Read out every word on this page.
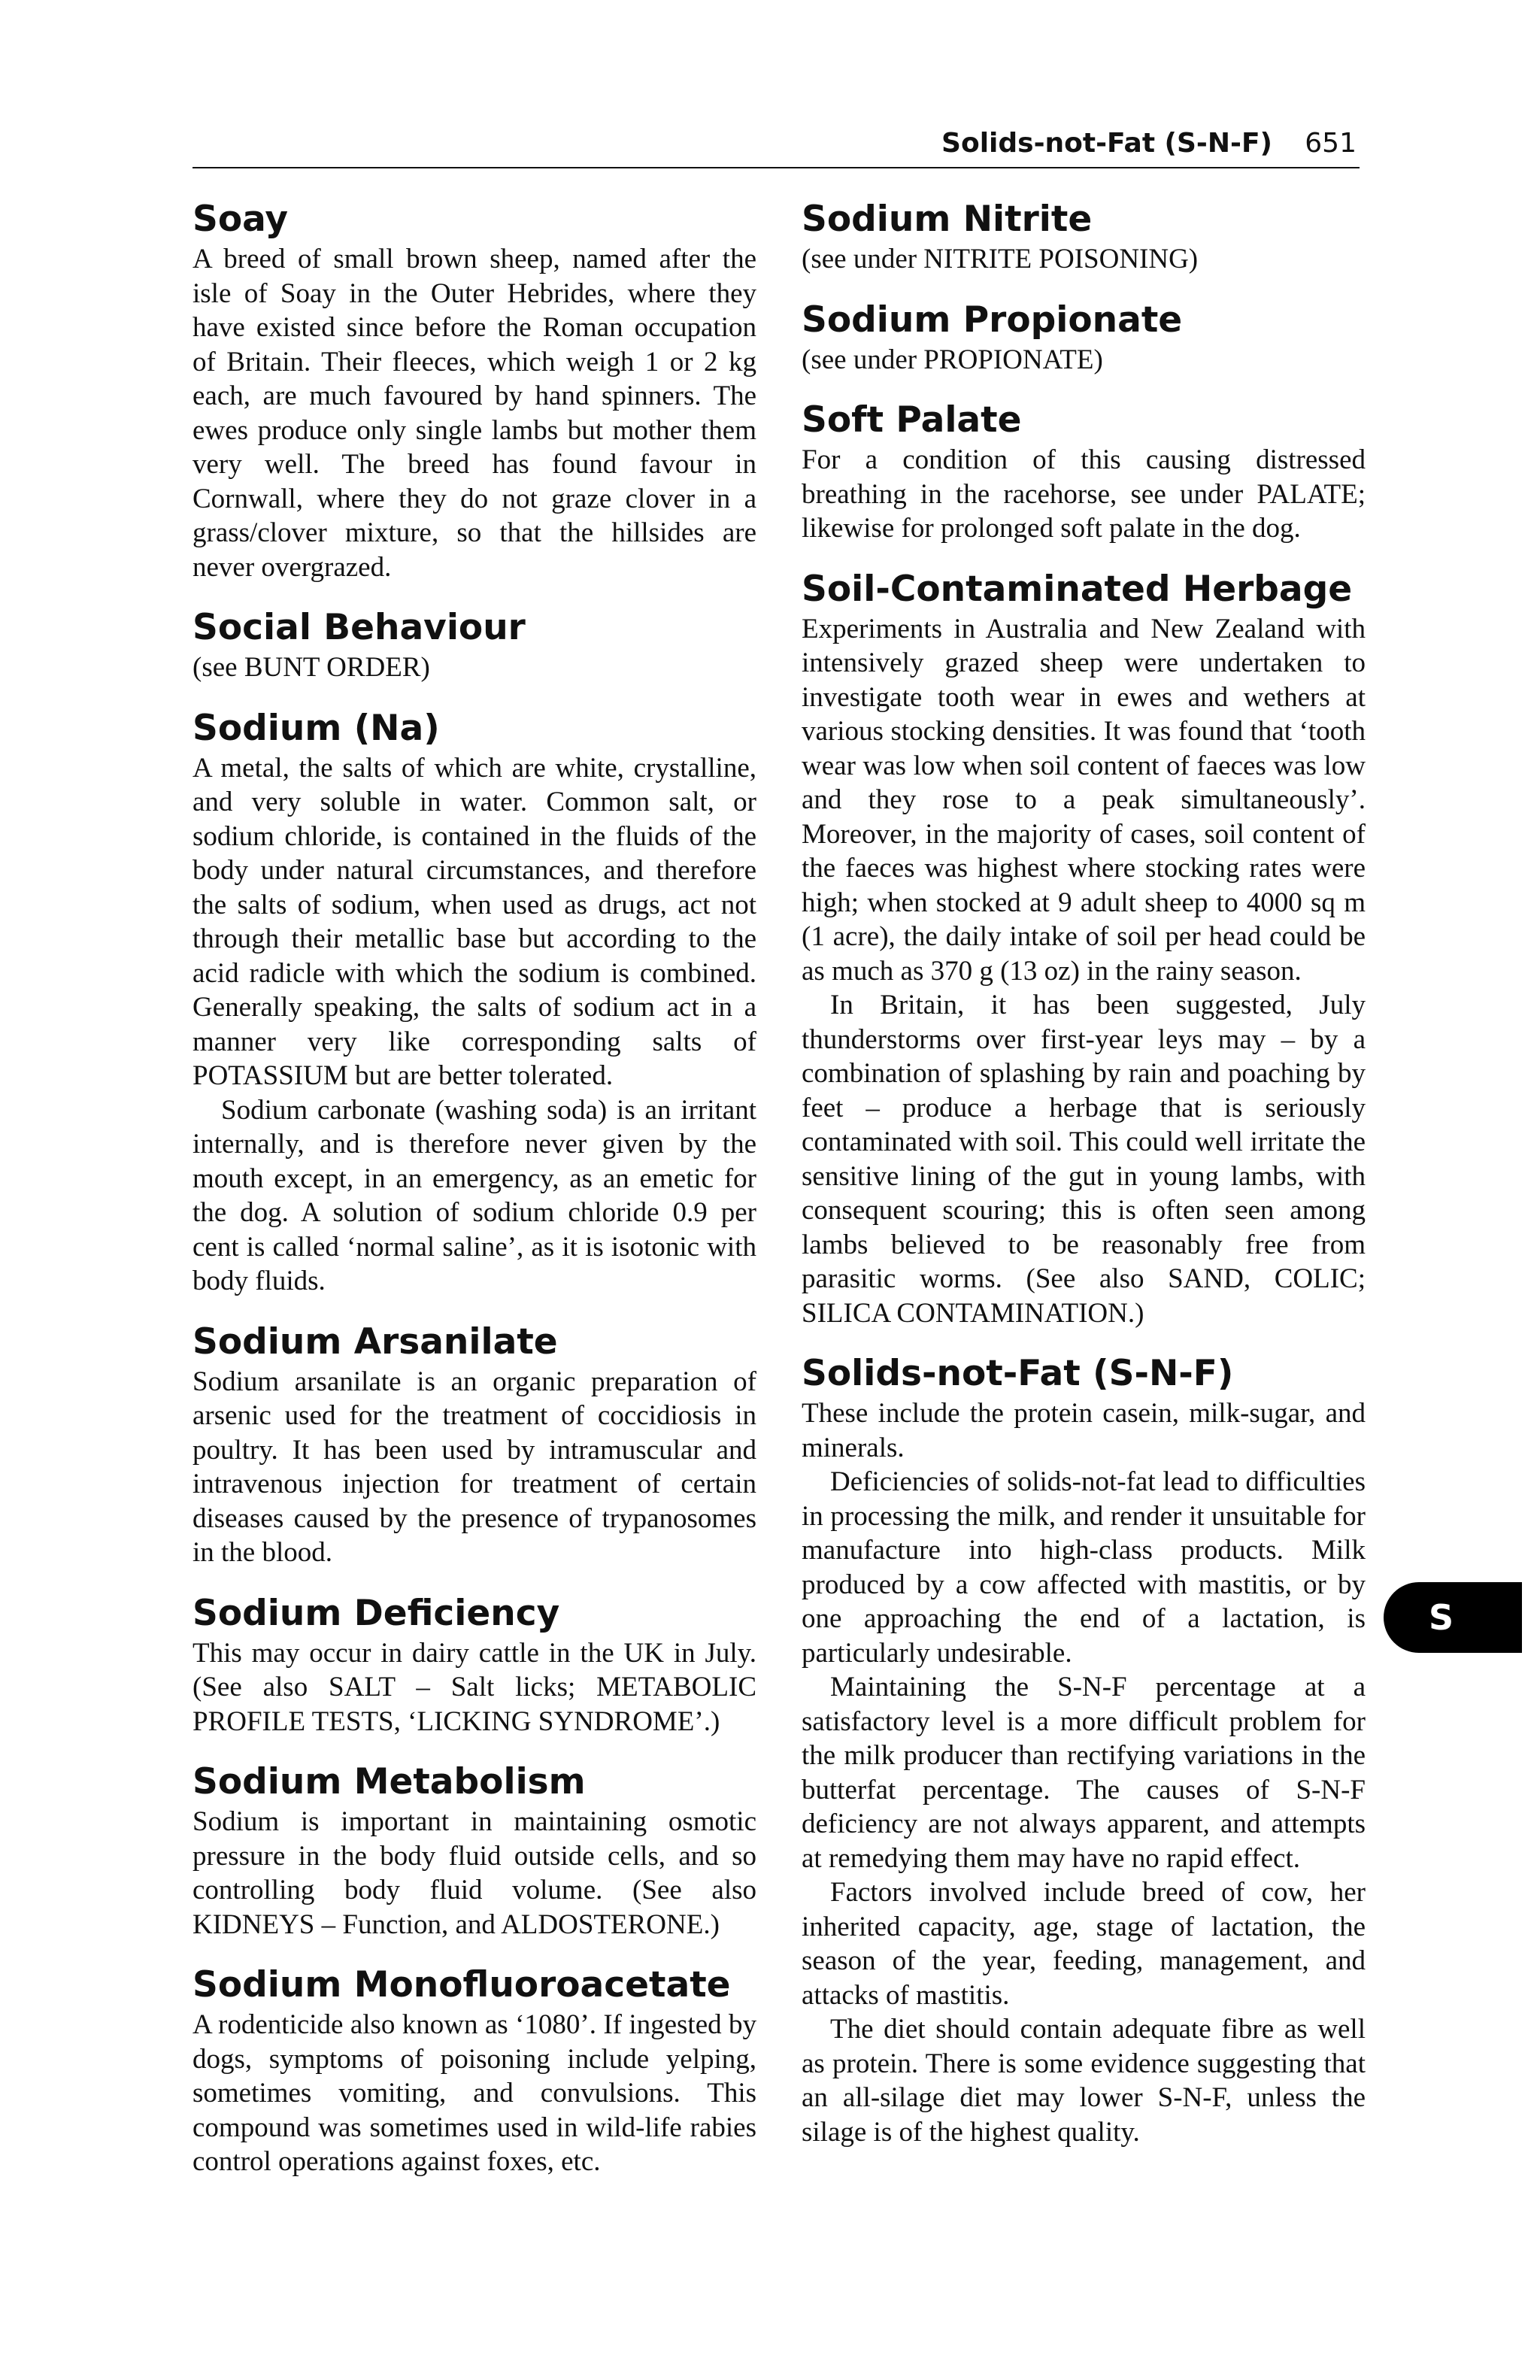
Solids-not-Fat (S-N-F) 651
Soay

A breed of small brown sheep, named after the isle of Soay in the Outer Hebrides, where they have existed since before the Roman occupation of Britain. Their fleeces, which weigh 1 or 2 kg each, are much favoured by hand spinners. The ewes produce only single lambs but mother them very well. The breed has found favour in Cornwall, where they do not graze clover in a grass/clover mixture, so that the hillsides are never overgrazed.

Social Behaviour

(see BUNT ORDER)

Sodium (Na)

A metal, the salts of which are white, crystalline, and very soluble in water. Common salt, or sodium chloride, is contained in the fluids of the body under natural circumstances, and therefore the salts of sodium, when used as drugs, act not through their metallic base but according to the acid radicle with which the sodium is combined. Generally speaking, the salts of sodium act in a manner very like corresponding salts of POTASSIUM but are better tolerated.

Sodium carbonate (washing soda) is an irritant internally, and is therefore never given by the mouth except, in an emergency, as an emetic for the dog. A solution of sodium chloride 0.9 per cent is called ‘normal saline’, as it is isotonic with body fluids.

Sodium Arsanilate

Sodium arsanilate is an organic preparation of arsenic used for the treatment of coccidiosis in poultry. It has been used by intramuscular and intravenous injection for treatment of certain diseases caused by the presence of trypanosomes in the blood.

Sodium Deficiency

This may occur in dairy cattle in the UK in July. (See also SALT – Salt licks; METABOLIC PROFILE TESTS, ‘LICKING SYNDROME’.)

Sodium Metabolism

Sodium is important in maintaining osmotic pressure in the body fluid outside cells, and so controlling body fluid volume. (See also KIDNEYS – Function, and ALDOSTERONE.)

Sodium Monofluoroacetate

A rodenticide also known as ‘1080’. If ingested by dogs, symptoms of poisoning include yelping, sometimes vomiting, and convulsions. This compound was sometimes used in wild-life rabies control operations against foxes, etc.

Sodium Nitrite

(see under NITRITE POISONING)

Sodium Propionate

(see under PROPIONATE)

Soft Palate

For a condition of this causing distressed breathing in the racehorse, see under PALATE; likewise for prolonged soft palate in the dog.

Soil-Contaminated Herbage

Experiments in Australia and New Zealand with intensively grazed sheep were undertaken to investigate tooth wear in ewes and wethers at various stocking densities. It was found that ‘tooth wear was low when soil content of faeces was low and they rose to a peak simultaneously’. Moreover, in the majority of cases, soil content of the faeces was highest where stocking rates were high; when stocked at 9 adult sheep to 4000 sq m (1 acre), the daily intake of soil per head could be as much as 370 g (13 oz) in the rainy season.

In Britain, it has been suggested, July thunderstorms over first-year leys may – by a combination of splashing by rain and poaching by feet – produce a herbage that is seriously contaminated with soil. This could well irritate the sensitive lining of the gut in young lambs, with consequent scouring; this is often seen among lambs believed to be reasonably free from parasitic worms. (See also SAND, COLIC; SILICA CONTAMINATION.)

Solids-not-Fat (S-N-F)

These include the protein casein, milk-sugar, and minerals.

Deficiencies of solids-not-fat lead to difficulties in processing the milk, and render it unsuitable for manufacture into high-class products. Milk produced by a cow affected with mastitis, or by one approaching the end of a lactation, is particularly undesirable.

Maintaining the S-N-F percentage at a satisfactory level is a more difficult problem for the milk producer than rectifying variations in the butterfat percentage. The causes of S-N-F deficiency are not always apparent, and attempts at remedying them may have no rapid effect.

Factors involved include breed of cow, her inherited capacity, age, stage of lactation, the season of the year, feeding, management, and attacks of mastitis.

The diet should contain adequate fibre as well as protein. There is some evidence suggesting that an all-silage diet may lower S-N-F, unless the silage is of the highest quality.

S
